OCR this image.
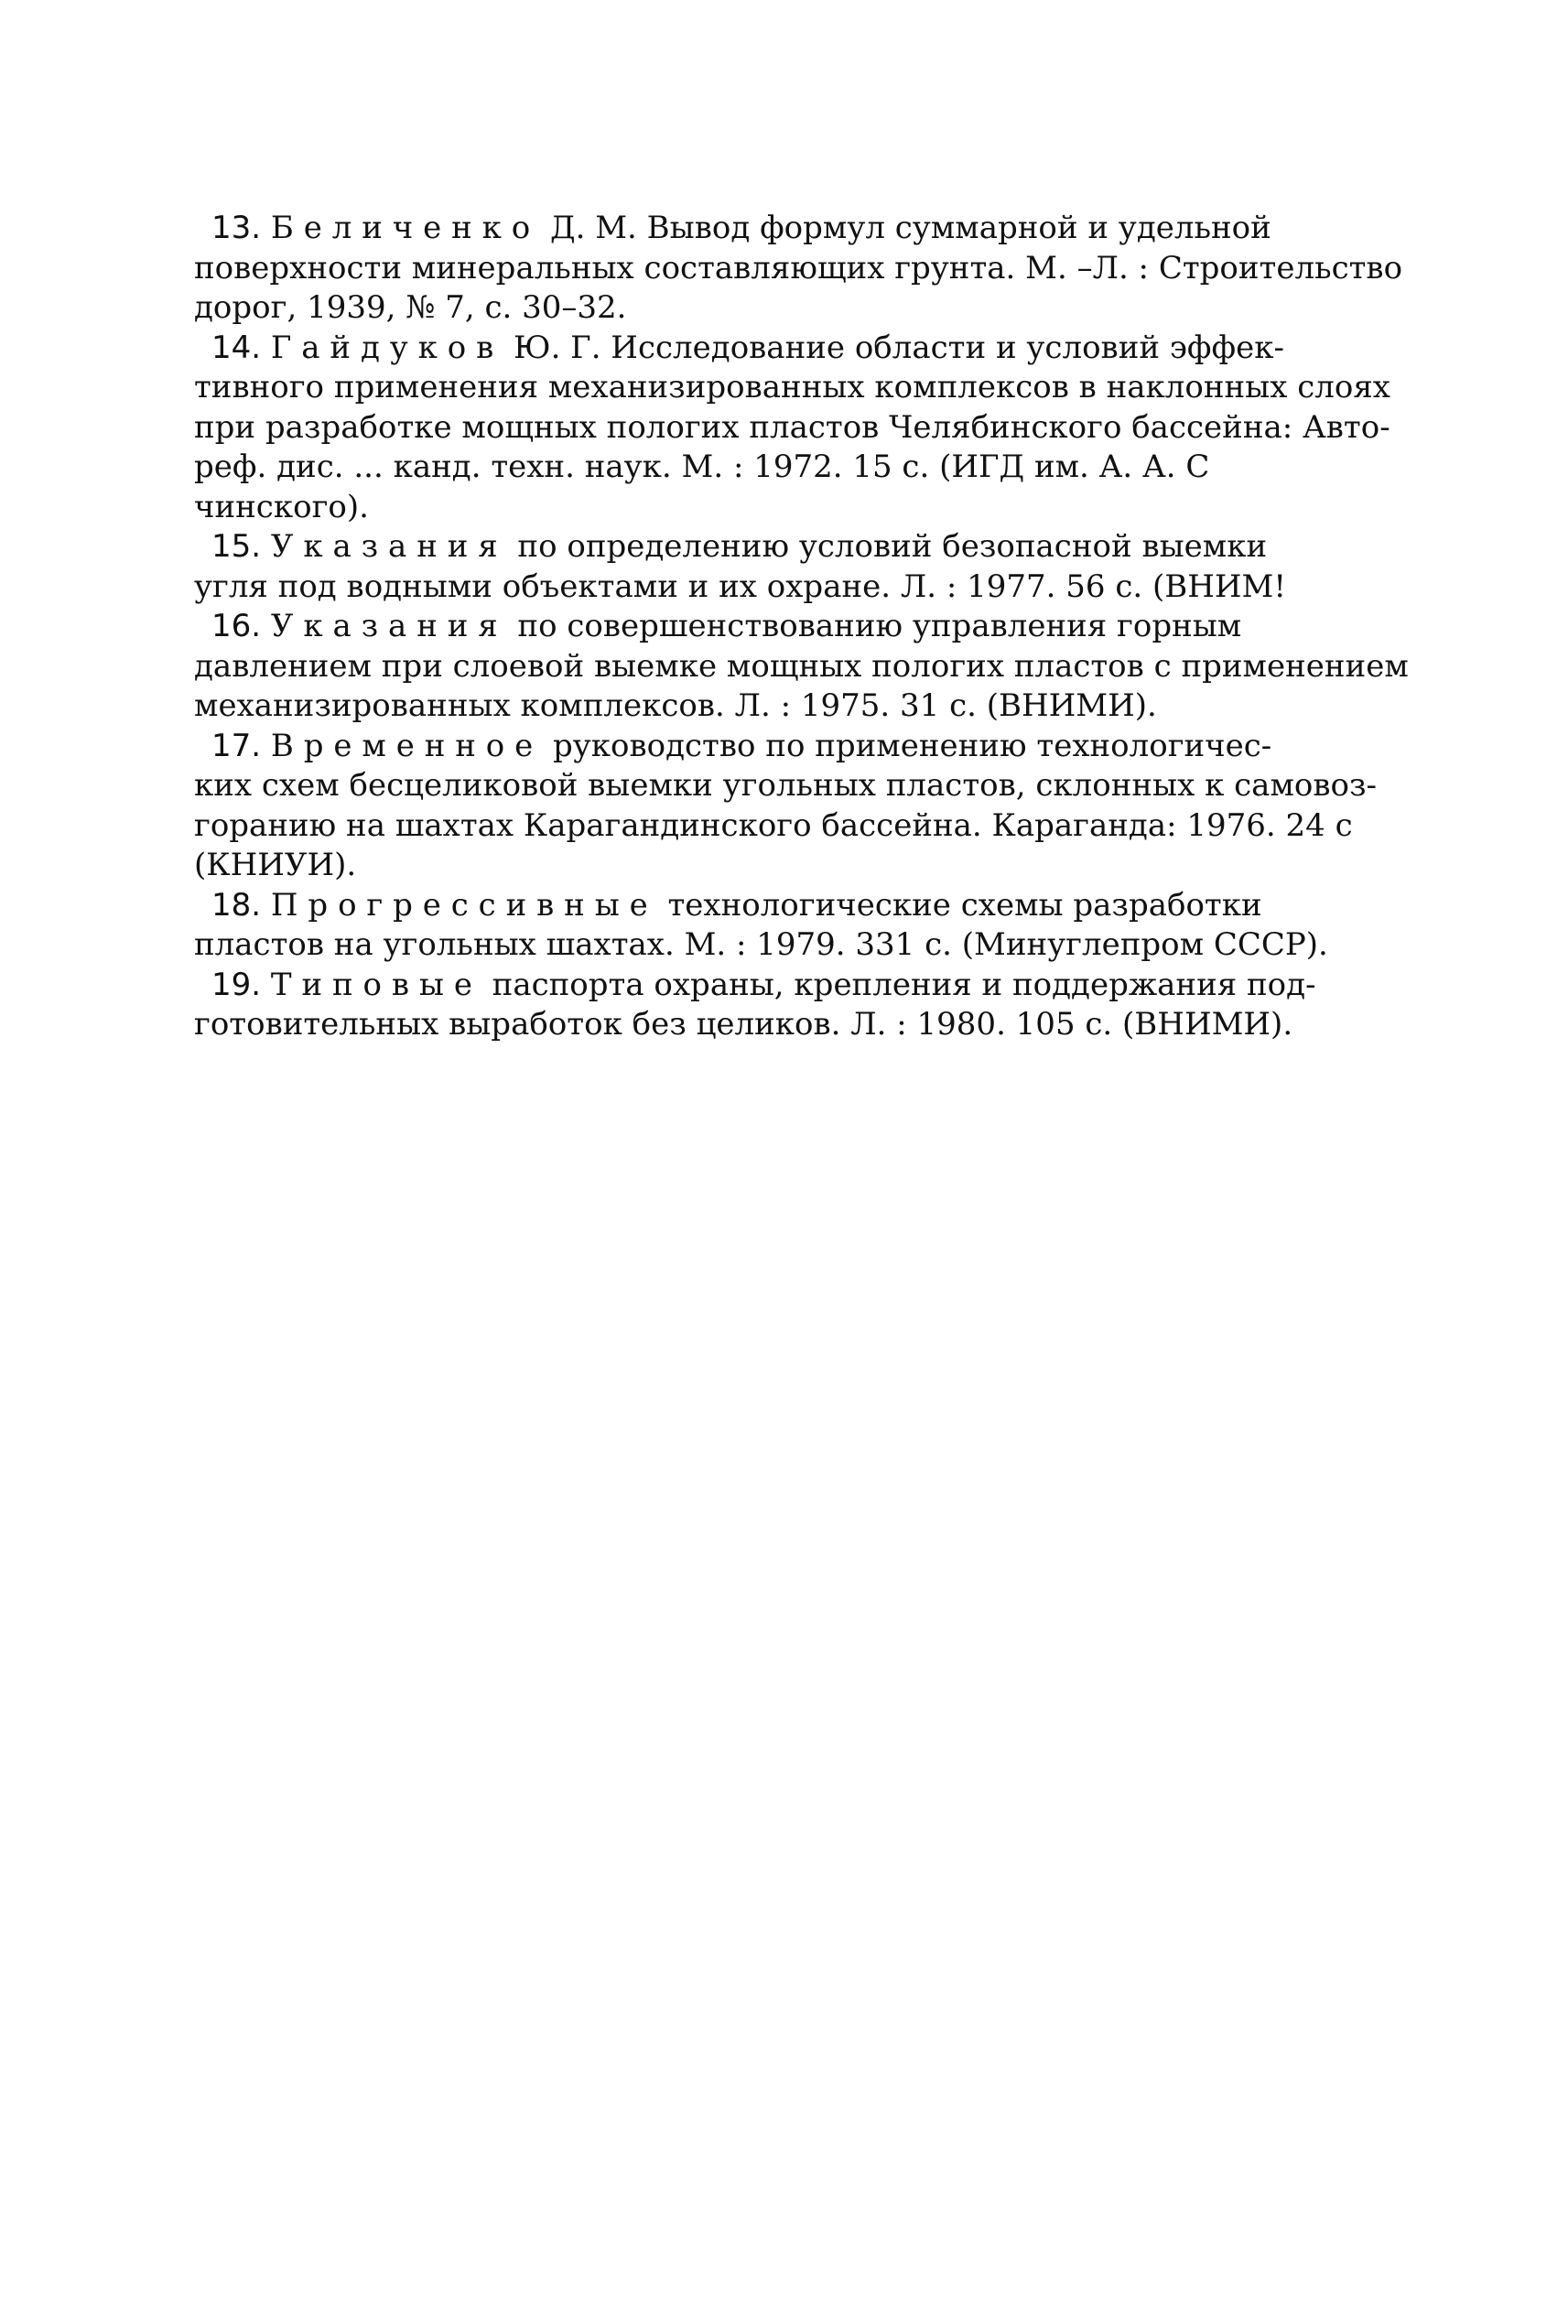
13. Беличенко Д. М. Вывод формул суммарной и удельной
поверхности минеральных составляющих грунта. М. –Л. : Строительство
дорог, 1939, № 7, с. 30–32.

14. Гайдуков Ю. Г. Исследование области и условий эффек-
тивного применения механизированных комплексов в наклонных слоях
при разработке мощных пологих пластов Челябинского бассейна: Авто-
реф. дис. ... канд. техн. наук. М. : 1972. 15 с. (ИГД им. А. А. С
чинского).

15. Указания по определению условий безопасной выемки
угля под водными объектами и их охране. Л. : 1977. 56 с. (ВНИМ!

16. Указания по совершенствованию управления горным
давлением при слоевой выемке мощных пологих пластов с применением
механизированных комплексов. Л. : 1975. 31 с. (ВНИМИ).

17. Временное руководство по применению технологичес-
ких схем бесцеликовой выемки угольных пластов, склонных к самовоз-
горанию на шахтах Карагандинского бассейна. Караганда: 1976. 24 с
(КНИУИ).

18. Прогрессивные технологические схемы разработки
пластов на угольных шахтах. М. : 1979. 331 с. (Минуглепром СССР).

19. Типовые паспорта охраны, крепления и поддержания под-
готовительных выработок без целиков. Л. : 1980. 105 с. (ВНИМИ).
